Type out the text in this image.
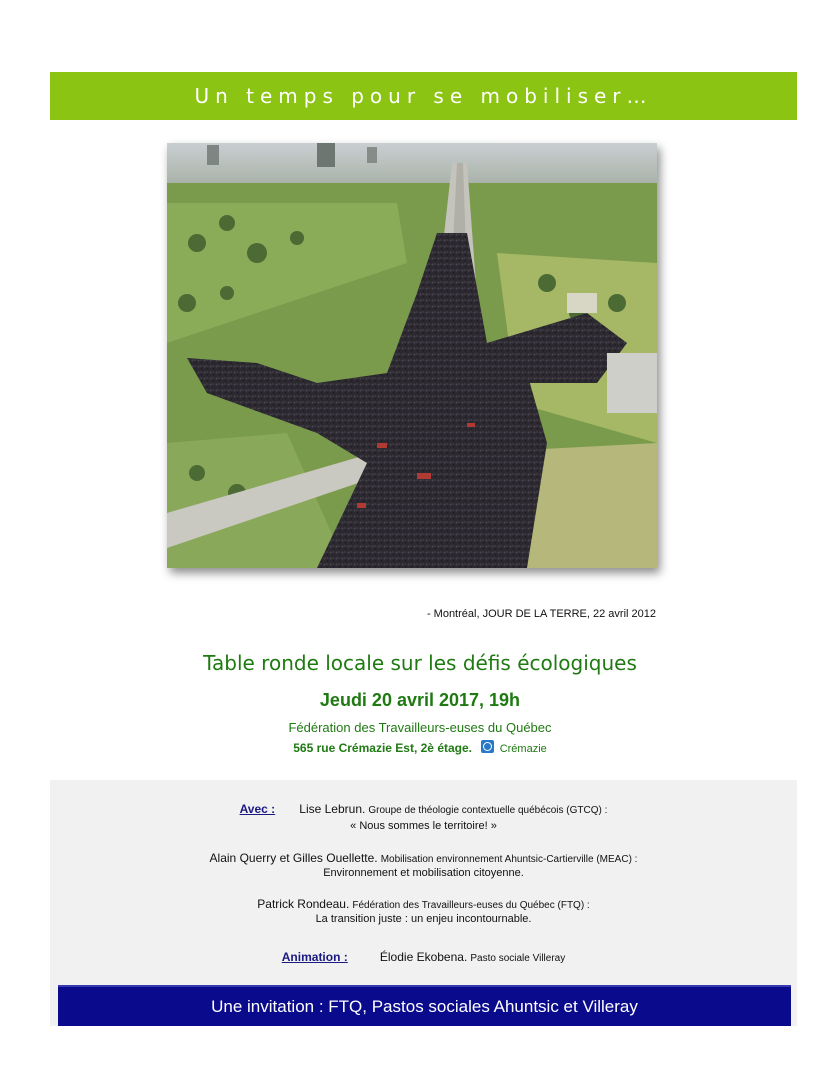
Un temps pour se mobiliser…
- Montréal, JOUR DE LA TERRE, 22 avril 2012
Table ronde locale sur les défis écologiques
Jeudi 20 avril 2017, 19h
Fédération des Travailleurs-euses du Québec
565 rue Crémazie Est, 2è étage.	Crémazie
Avec : Lise Lebrun. Groupe de théologie contextuelle québécois (GTCQ) :
« Nous sommes le territoire! »
Alain Querry et Gilles Ouellette. Mobilisation environnement Ahuntsic-Cartierville (MEAC) :
Environnement et mobilisation citoyenne.
Patrick Rondeau. Fédération des Travailleurs-euses du Québec (FTQ) :
La transition juste : un enjeu incontournable.
Animation :	Élodie Ekobena. Pasto sociale Villeray
Une invitation : FTQ, Pastos sociales Ahuntsic et Villeray
